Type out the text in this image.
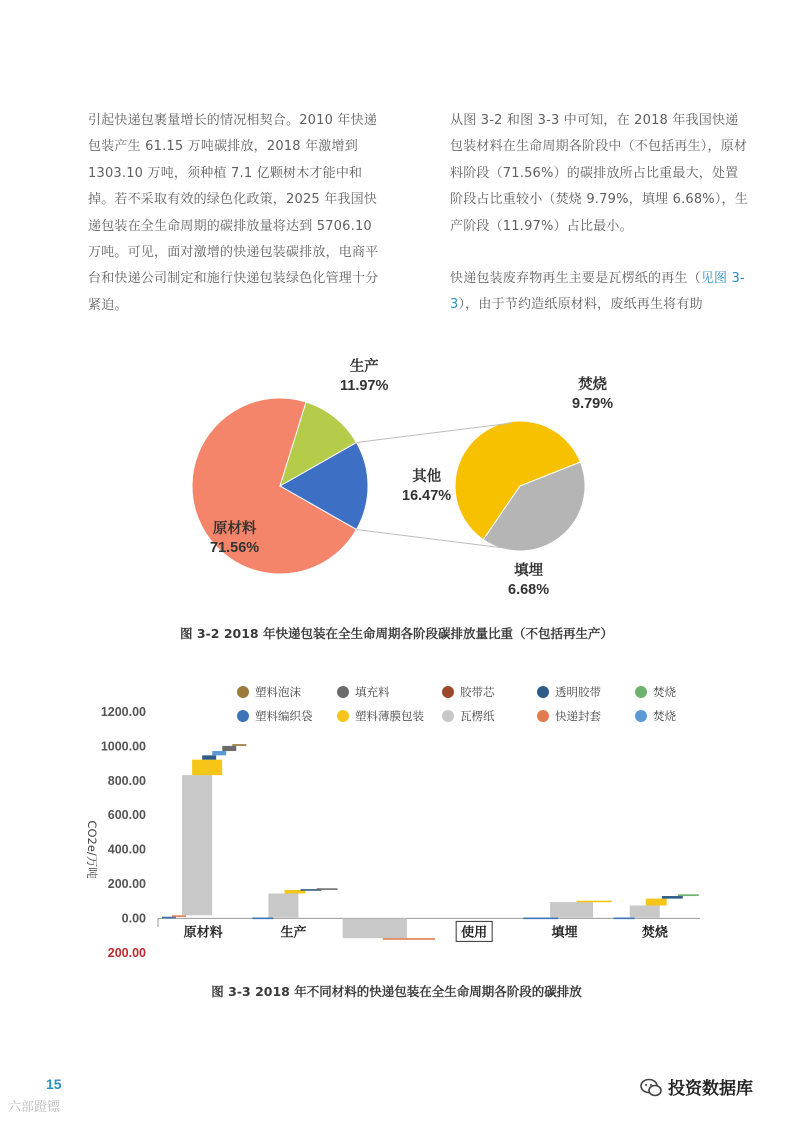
引起快递包裹量增长的情况相契合。2010 年快递包装产生 61.15 万吨碳排放，2018 年激增到 1303.10 万吨，须种植 7.1 亿颗树木才能中和掉。若不采取有效的绿色化政策，2025 年我国快递包装在全生命周期的碳排放量将达到 5706.10 万吨。可见，面对激增的快递包装碳排放，电商平台和快递公司制定和施行快递包装绿色化管理十分紧迫。

从图 3-2 和图 3-3 中可知，在 2018 年我国快递包装材料在生命周期各阶段中（不包括再生），原材料阶段（71.56%）的碳排放所占比重最大，处置阶段占比重较小（焚烧 9.79%，填埋 6.68%），生产阶段（11.97%）占比最小。

快递包装废弃物再生主要是瓦楞纸的再生（见图 3-3），由于节约造纸原材料，废纸再生将有助

生产
11.97%
原材料
71.56%
其他
16.47%
焚烧
9.79%
填埋
6.68%
图 3-2 2018 年快递包装在全生命周期各阶段碳排放量比重（不包括再生产）
塑料泡沫	填充料	胶带芯	透明胶带	焚烧
塑料编织袋	塑料薄膜包装	瓦楞纸	快递封套	焚烧
1200.00
1000.00
800.00
600.00
400.00
200.00
0.00
200.00
CO2e/万吨
原材料	生产	使用	填埋	焚烧
图 3-3 2018 年不同材料的快递包装在全生命周期各阶段的碳排放
15
六部蹬镖
投资数据库
